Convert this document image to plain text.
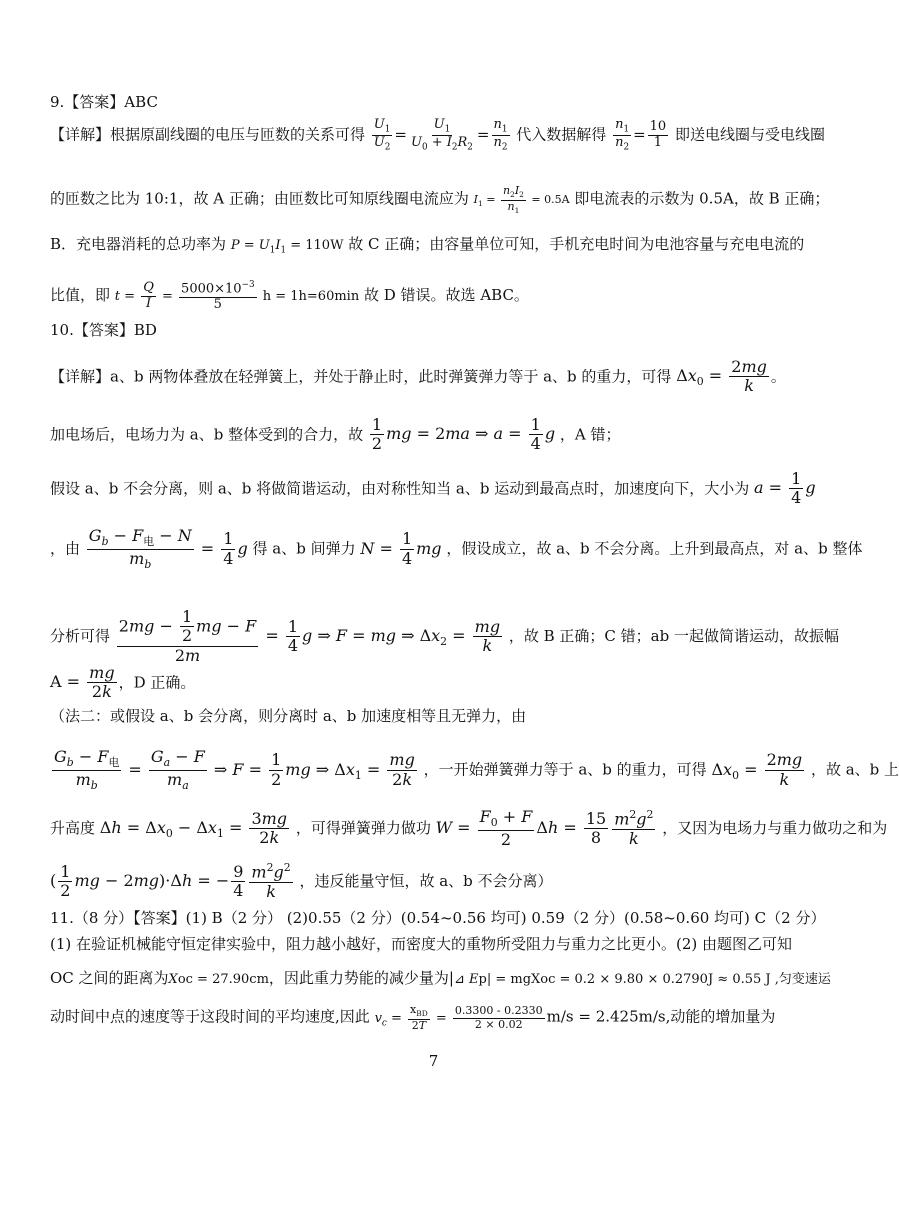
9.【答案】ABC
【详解】根据原副线圈的电压与匝数的关系可得 $\frac{U_1}{U_2} = \frac{U_1}{U_0 + I_2R_2} = \frac{n_1}{n_2}$ 代入数据解得 $\frac{n_1}{n_2} = \frac{10}{1}$ 即送电线圈与受电线圈
的匝数之比为 10:1，故 A 正确；由匝数比可知原线圈电流应为 $I_1 = \frac{n_2I_2}{n_1} = 0.5A$ 即电流表的示数为 0.5A，故 B 正确；
B．充电器消耗的总功率为 $P = U_1I_1 = 110W$ 故 C 正确；由容量单位可知，手机充电时间为电池容量与充电电流的
比值，即 $t = \frac{Q}{I} = \frac{5000\times 10^{-3}}{5}$ h = 1h=60min 故 D 错误。故选 ABC。
10.【答案】BD
【详解】a、b 两物体叠放在轻弹簧上，并处于静止时，此时弹簧弹力等于 a、b 的重力，可得 $\Delta x_0 = \frac{2mg}{k}$ 。
加电场后，电场力为 a、b 整体受到的合力，故 $\frac{1}{2}$ mg = 2ma ⇒ $a = \frac{1}{4}$ g ，A 错；
假设 a、b 不会分离，则 a、b 将做简谐运动，由对称性知当 a、b 运动到最高点时，加速度向下，大小为 $a = \frac{1}{4}$ g
，由
$G_b - F_电 - N$
$m_b$
= $\frac{1}{4}$ g 得 a、b 间弹力 $N = \frac{1}{4}$ mg ，假设成立，故 a、b 不会分离。上升到最高点，对 a、b 整体
分析可得 $\frac{2mg - \frac{1}{2} mg - F}{2m} = \frac{1}{4}$ g ⇒ F = mg ⇒ $\Delta x_2 = \frac{mg}{k}$ ，故 B 正确；C 错；ab 一起做简谐运动，故振幅
$A = \frac{mg}{2k}$ ，D 正确。
（法二：或假设 a、b 会分离，则分离时 a、b 加速度相等且无弹力，由
$G_b - F_电$
$m_b$
= $\frac{G_a - F}{m_a}$ ⇒ $F = \frac{1}{2}$ mg ⇒ $\Delta x_1 = \frac{mg}{2k}$ ，一开始弹簧弹力等于 a、b 的重力，可得 $\Delta x_0 = \frac{2mg}{k}$ ，故 a、b 上
升高度 $\Delta h = \Delta x_0 - \Delta x_1 = \frac{3mg}{2k}$ ，可得弹簧弹力做功 $W = \frac{F_0 + F}{2}$ $\Delta h = \frac{15}{8} \frac{m^2g^2}{k}$ ，又因为电场力与重力做功之和为
( $\frac{1}{2}$ mg − 2mg)·Δh = − $\frac{9}{4} \frac{m^2g^2}{k}$ ，违反能量守恒，故 a、b 不会分离）
11.（8 分）【答案】(1) B（2 分） (2)0.55（2 分）(0.54~0.56 均可) 0.59（2 分）(0.58~0.60 均可) C（2 分）
(1) 在验证机械能守恒定律实验中，阻力越小越好，而密度大的重物所受阻力与重力之比更小。(2) 由题图乙可知
OC 之间的距离为Xoc = 27.90cm，因此重力势能的减少量为|⊿ Ep| = mgXoc = 0.2 × 9.80 × 0.2790J ≈ 0.55 J ,匀变速运
动时间中点的速度等于这段时间的平均速度,因此 $v_c$ =
$x_{BD}$
$2T = \frac{0.3300 - 0.2330}{2 \times 0.02} m/s = 2.425m/s$,动能的增加量为
7
